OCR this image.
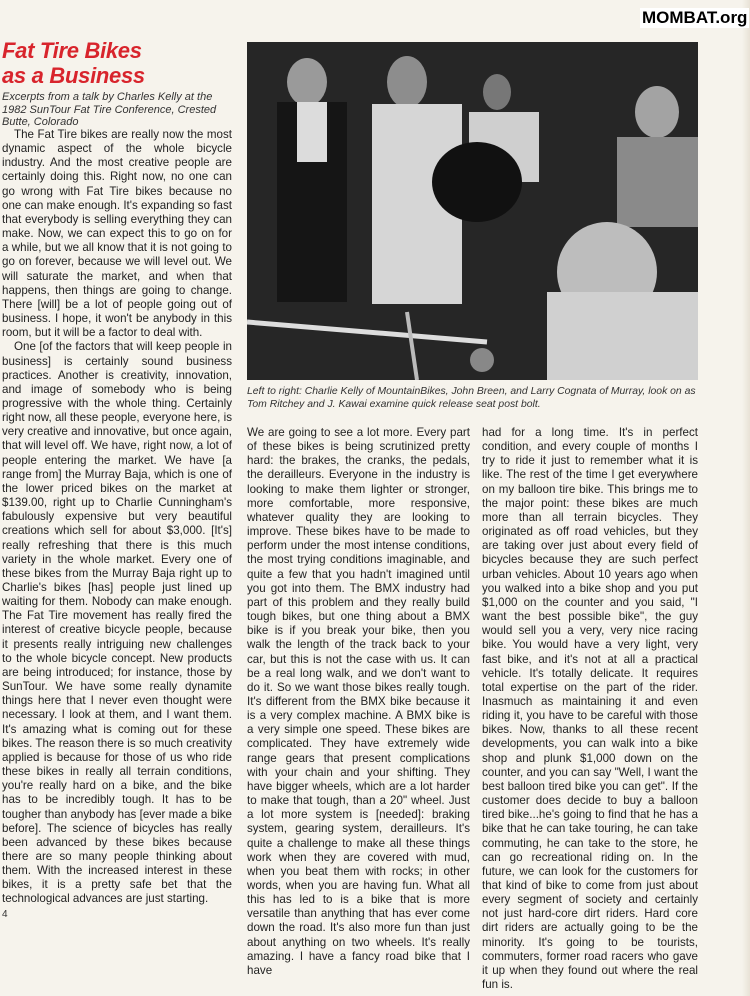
Fat Tire Bikes
as a Business

Excerpts from a talk by Charles Kelly at the 1982 SunTour Fat Tire Conference, Crested Butte, Colorado

The Fat Tire bikes are really now the most dynamic aspect of the whole bicycle industry. And the most creative people are certainly doing this. Right now, no one can go wrong with Fat Tire bikes because no one can make enough. It's expanding so fast that everybody is selling everything they can make. Now, we can expect this to go on for a while, but we all know that it is not going to go on forever, because we will level out. We will saturate the market, and when that happens, then things are going to change. There [will] be a lot of people going out of business. I hope, it won't be anybody in this room, but it will be a factor to deal with.

One [of the factors that will keep people in business] is certainly sound business practices. Another is creativity, innovation, and image of somebody who is being progressive with the whole thing. Certainly right now, all these people, everyone here, is very creative and innovative, but once again, that will level off. We have, right now, a lot of people entering the market. We have [a range from] the Murray Baja, which is one of the lower priced bikes on the market at $139.00, right up to Charlie Cunningham's fabulously expensive but very beautiful creations which sell for about $3,000. [It's] really refreshing that there is this much variety in the whole market. Every one of these bikes from the Murray Baja right up to Charlie's bikes [has] people just lined up waiting for them. Nobody can make enough. The Fat Tire movement has really fired the interest of creative bicycle people, because it presents really intriguing new challenges to the whole bicycle concept. New products are being introduced; for instance, those by SunTour. We have some really dynamite things here that I never even thought were necessary. I look at them, and I want them. It's amazing what is coming out for these bikes. The reason there is so much creativity applied is because for those of us who ride these bikes in really all terrain conditions, you're really hard on a bike, and the bike has to be incredibly tough. It has to be tougher than anybody has [ever made a bike before]. The science of bicycles has really been advanced by these bikes because there are so many people thinking about them. With the increased interest in these bikes, it is a pretty safe bet that the technological advances are just starting.

4

Left to right: Charlie Kelly of MountainBikes, John Breen, and Larry Cognata of Murray, look on as Tom Ritchey and J. Kawai examine quick release seat post bolt.

We are going to see a lot more. Every part of these bikes is being scrutinized pretty hard: the brakes, the cranks, the pedals, the derailleurs. Everyone in the industry is looking to make them lighter or stronger, more comfortable, more responsive, whatever quality they are looking to improve. These bikes have to be made to perform under the most intense conditions, the most trying conditions imaginable, and quite a few that you hadn't imagined until you got into them. The BMX industry had part of this problem and they really build tough bikes, but one thing about a BMX bike is if you break your bike, then you walk the length of the track back to your car, but this is not the case with us. It can be a real long walk, and we don't want to do it. So we want those bikes really tough. It's different from the BMX bike because it is a very complex machine. A BMX bike is a very simple one speed. These bikes are complicated. They have extremely wide range gears that present complications with your chain and your shifting. They have bigger wheels, which are a lot harder to make that tough, than a 20" wheel. Just a lot more system is [needed]: braking system, gearing system, derailleurs. It's quite a challenge to make all these things work when they are covered with mud, when you beat them with rocks; in other words, when you are having fun. What all this has led to is a bike that is more versatile than anything that has ever come down the road. It's also more fun than just about anything on two wheels. It's really amazing. I have a fancy road bike that I have

had for a long time. It's in perfect condition, and every couple of months I try to ride it just to remember what it is like. The rest of the time I get everywhere on my balloon tire bike. This brings me to the major point: these bikes are much more than all terrain bicycles. They originated as off road vehicles, but they are taking over just about every field of bicycles because they are such perfect urban vehicles. About 10 years ago when you walked into a bike shop and you put $1,000 on the counter and you said, "I want the best possible bike", the guy would sell you a very, very nice racing bike. You would have a very light, very fast bike, and it's not at all a practical vehicle. It's totally delicate. It requires total expertise on the part of the rider. Inasmuch as maintaining it and even riding it, you have to be careful with those bikes. Now, thanks to all these recent developments, you can walk into a bike shop and plunk $1,000 down on the counter, and you can say "Well, I want the best balloon tired bike you can get". If the customer does decide to buy a balloon tired bike...he's going to find that he has a bike that he can take touring, he can take commuting, he can take to the store, he can go recreational riding on. In the future, we can look for the customers for that kind of bike to come from just about every segment of society and certainly not just hard-core dirt riders. Hard core dirt riders are actually going to be the minority. It's going to be tourists, commuters, former road racers who gave it up when they found out where the real fun is.

MOMBAT.org
